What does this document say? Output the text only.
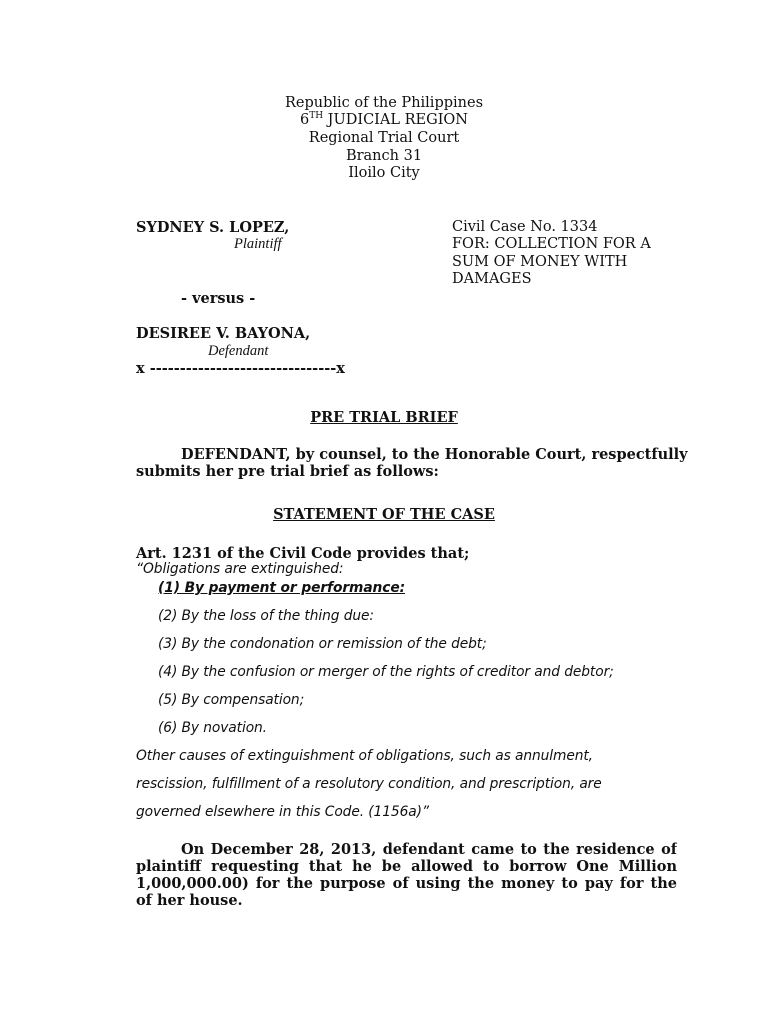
Republic of the Philippines
6TH JUDICIAL REGION
Regional Trial Court
Branch 31
Iloilo City
SYDNEY S. LOPEZ,
Plaintiff
Civil Case No. 1334
FOR: COLLECTION FOR A
SUM OF MONEY WITH
DAMAGES
- versus -
DESIREE V. BAYONA,
Defendant
x -------------------------------x
PRE TRIAL BRIEF
DEFENDANT, by counsel, to the Honorable Court, respectfully
submits her pre trial brief as follows:
STATEMENT OF THE CASE
Art. 1231 of the Civil Code provides that;
“Obligations are extinguished:
(1) By payment or performance:
(2) By the loss of the thing due:
(3) By the condonation or remission of the debt;
(4) By the confusion or merger of the rights of creditor and debtor;
(5) By compensation;
(6) By novation.
Other causes of extinguishment of obligations, such as annulment,
rescission, fulfillment of a resolutory condition, and prescription, are
governed elsewhere in this Code. (1156a)”
On December 28, 2013, defendant came to the residence of
plaintiff requesting that he be allowed to borrow One Million
1,000,000.00) for the purpose of using the money to pay for the
of her house.
